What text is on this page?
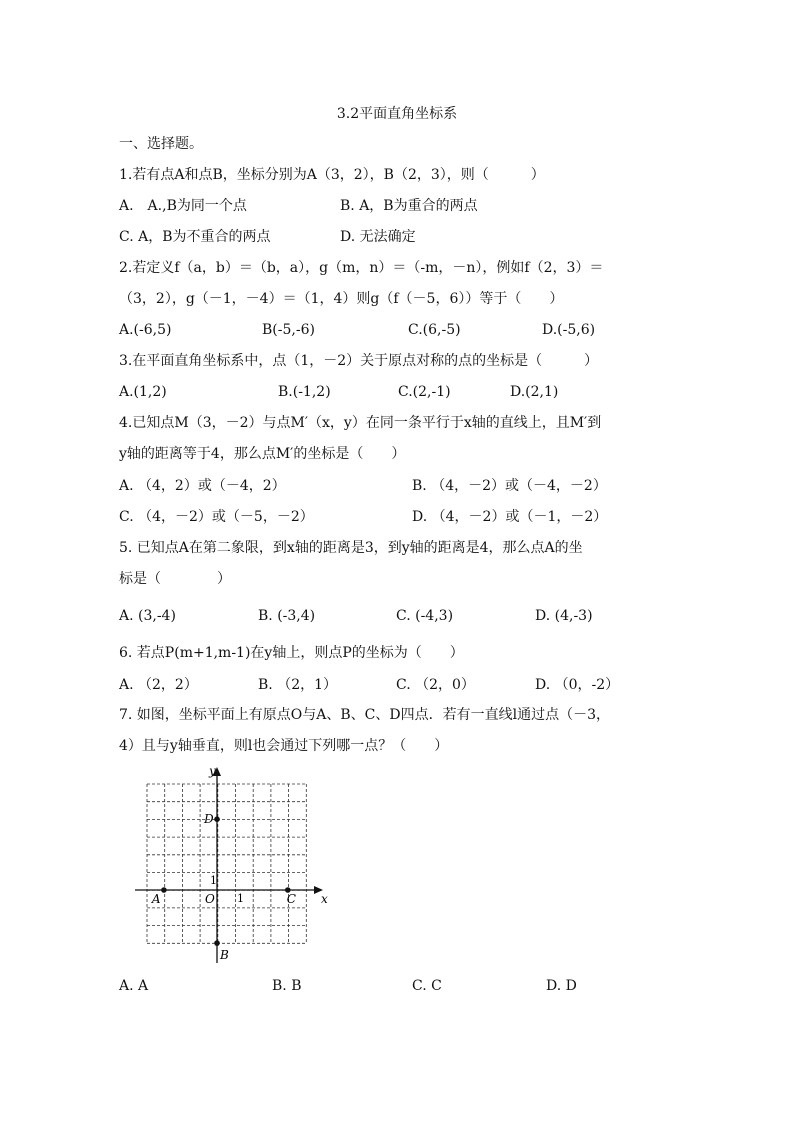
3.2平面直角坐标系
一、选择题。
1.若有点A和点B，坐标分别为A（3，2），B（2，3），则（　　　）
A.　A.,B为同一个点	B. A，B为重合的两点
C. A，B为不重合的两点	D. 无法确定
2.若定义f（a，b）＝（b，a），g（m，n）＝（-m，－n），例如f（2，3）＝
（3，2），g（－1，－4）＝（1，4）则g（f（－5，6））等于（　　）
A.(-6,5)	B(-5,-6)	C.(6,-5)	D.(-5,6)
3.在平面直角坐标系中，点（1，－2）关于原点对称的点的坐标是（　　　）
A.(1,2)	B.(-1,2)	C.(2,-1)	D.(2,1)
4.已知点M（3，－2）与点M′（x，y）在同一条平行于x轴的直线上，且M′到
y轴的距离等于4，那么点M′的坐标是（　　）
A. （4，2）或（－4，2）	B. （4，－2）或（－4，－2）
C. （4，－2）或（－5，－2）	D. （4，－2）或（－1，－2）
5. 已知点A在第二象限，到x轴的距离是3，到y轴的距离是4，那么点A的坐
标是（　　　　）
A. (3,-4)	B. (-3,4)	C. (-4,3)	D. (4,-3)
6. 若点P(m+1,m-1)在y轴上，则点P的坐标为（　　）
A. （2，2）	B. （2，1）	C. （2，0）	D. （0，-2）
7. 如图，坐标平面上有原点O与A、B、C、D四点．若有一直线l通过点（－3，
4）且与y轴垂直，则l也会通过下列哪一点？（　　）
x
y
O 1
1
A
B
C
D
A. A	B. B	C. C	D. D
